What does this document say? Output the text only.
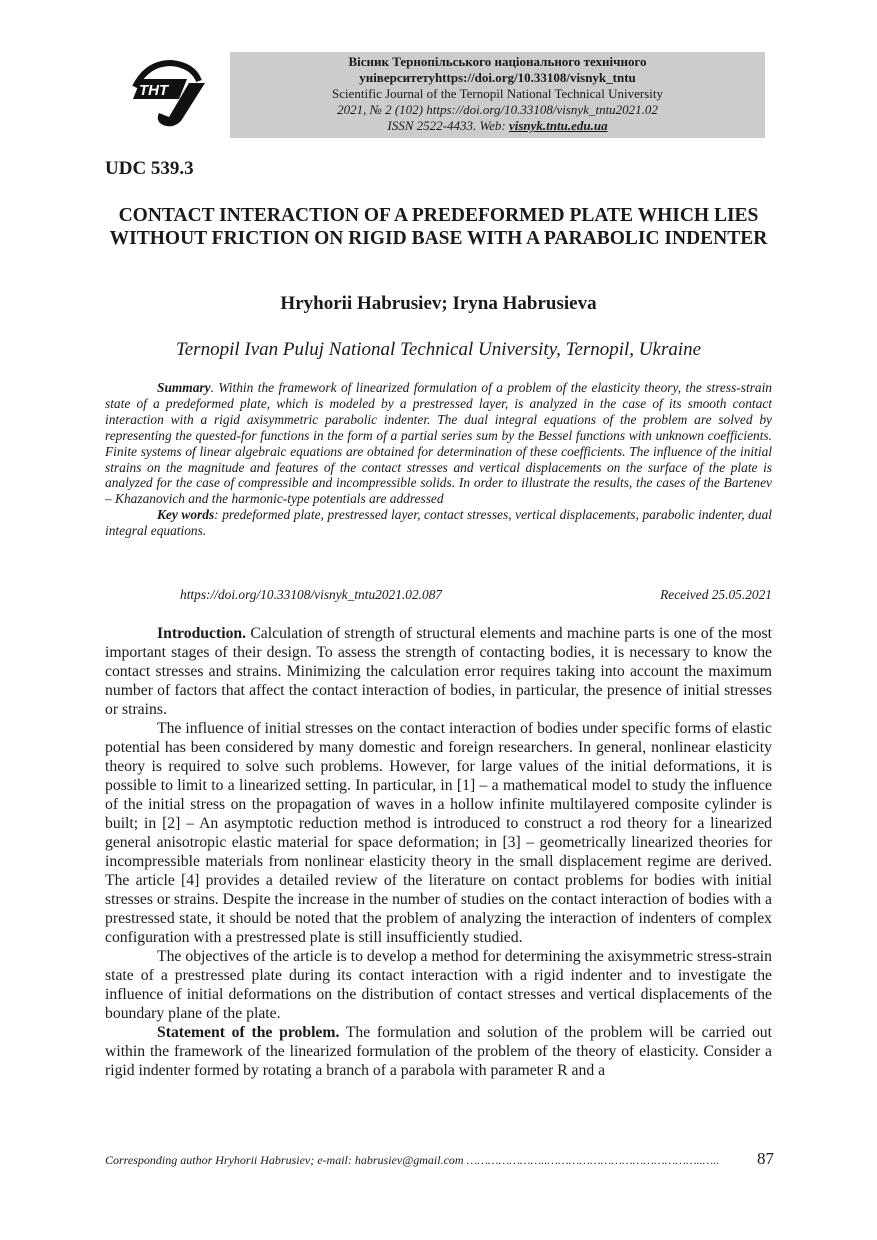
ТНТ
Вісник Тернопільського національного технічного
університетуhttps://doi.org/10.33108/visnyk_tntu
Scientific Journal of the Ternopil National Technical University
2021, № 2 (102) https://doi.org/10.33108/visnyk_tntu2021.02
ISSN 2522-4433. Web: visnyk.tntu.edu.ua
UDC 539.3
CONTACT INTERACTION OF A PREDEFORMED PLATE WHICH LIES WITHOUT FRICTION ON RIGID BASE WITH A PARABOLIC INDENTER
Hryhorii Habrusiev; Iryna Habrusieva
Ternopil Ivan Puluj National Technical University, Ternopil, Ukraine

Summary. Within the framework of linearized formulation of a problem of the elasticity theory, the stress-strain state of a predeformed plate, which is modeled by a prestressed layer, is analyzed in the case of its smooth contact interaction with a rigid axisymmetric parabolic indenter. The dual integral equations of the problem are solved by representing the quested-for functions in the form of a partial series sum by the Bessel functions with unknown coefficients. Finite systems of linear algebraic equations are obtained for determination of these coefficients. The influence of the initial strains on the magnitude and features of the contact stresses and vertical displacements on the surface of the plate is analyzed for the case of compressible and incompressible solids. In order to illustrate the results, the cases of the Bartenev – Khazanovich and the harmonic-type potentials are addressed

Key words: predeformed plate, prestressed layer, contact stresses, vertical displacements, parabolic indenter, dual integral equations.

https://doi.org/10.33108/visnyk_tntu2021.02.087	Received 25.05.2021

Introduction. Calculation of strength of structural elements and machine parts is one of the most important stages of their design. To assess the strength of contacting bodies, it is necessary to know the contact stresses and strains. Minimizing the calculation error requires taking into account the maximum number of factors that affect the contact interaction of bodies, in particular, the presence of initial stresses or strains.

The influence of initial stresses on the contact interaction of bodies under specific forms of elastic potential has been considered by many domestic and foreign researchers. In general, nonlinear elasticity theory is required to solve such problems. However, for large values of the initial deformations, it is possible to limit to a linearized setting. In particular, in [1] – a mathematical model to study the influence of the initial stress on the propagation of waves in a hollow infinite multilayered composite cylinder is built; in [2] – An asymptotic reduction method is introduced to construct a rod theory for a linearized general anisotropic elastic material for space deformation; in [3] – geometrically linearized theories for incompressible materials from nonlinear elasticity theory in the small displacement regime are derived. The article [4] provides a detailed review of the literature on contact problems for bodies with initial stresses or strains. Despite the increase in the number of studies on the contact interaction of bodies with a prestressed state, it should be noted that the problem of analyzing the interaction of indenters of complex configuration with a prestressed plate is still insufficiently studied.

The objectives of the article is to develop a method for determining the axisymmetric stress-strain state of a prestressed plate during its contact interaction with a rigid indenter and to investigate the influence of initial deformations on the distribution of contact stresses and vertical displacements of the boundary plane of the plate.

Statement of the problem. The formulation and solution of the problem will be carried out within the framework of the linearized formulation of the problem of the theory of elasticity. Consider a rigid indenter formed by rotating a branch of a parabola with parameter R and a

Corresponding author Hryhorii Habrusiev; e-mail: habrusiev@gmail.com …………………..……………………………………..….. 87
